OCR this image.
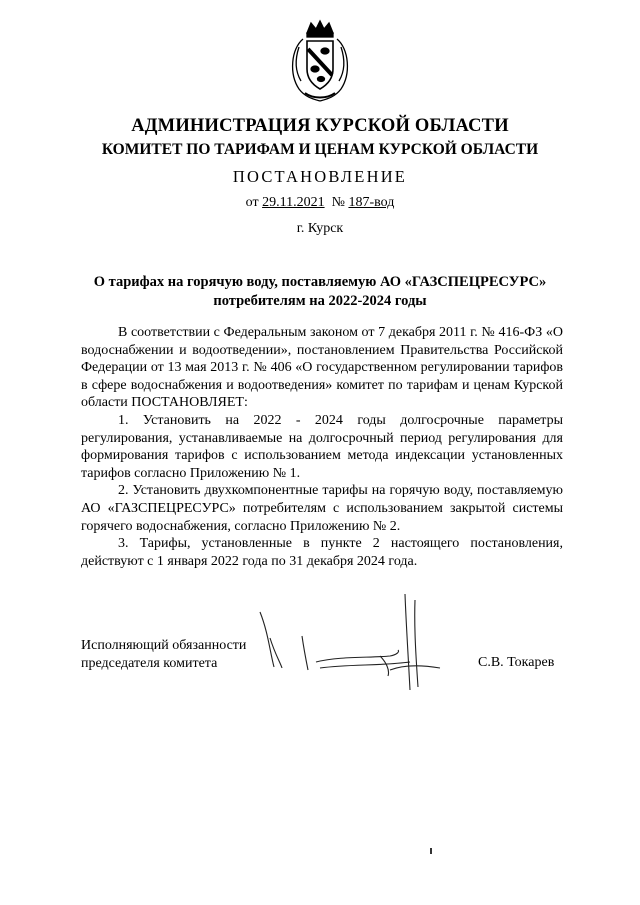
АДМИНИСТРАЦИЯ КУРСКОЙ ОБЛАСТИ
КОМИТЕТ ПО ТАРИФАМ И ЦЕНАМ КУРСКОЙ ОБЛАСТИ
ПОСТАНОВЛЕНИЕ
от 29.11.2021 № 187-вод
г. Курск
О тарифах на горячую воду, поставляемую АО «ГАЗСПЕЦРЕСУРС»
потребителям на 2022-2024 годы

В соответствии с Федеральным законом от 7 декабря 2011 г. № 416-ФЗ «О водоснабжении и водоотведении», постановлением Правительства Российской Федерации от 13 мая 2013 г. № 406 «О государственном регулировании тарифов в сфере водоснабжения и водоотведения» комитет по тарифам и ценам Курской области ПОСТАНОВЛЯЕТ:

1. Установить на 2022 - 2024 годы долгосрочные параметры регулирования, устанавливаемые на долгосрочный период регулирования для формирования тарифов с использованием метода индексации установленных тарифов согласно Приложению № 1.

2. Установить двухкомпонентные тарифы на горячую воду, поставляемую АО «ГАЗСПЕЦРЕСУРС» потребителям с использованием закрытой системы горячего водоснабжения, согласно Приложению № 2.

3. Тарифы, установленные в пункте 2 настоящего постановления, действуют с 1 января 2022 года по 31 декабря 2024 года.

Исполняющий обязанности
председателя комитета	С.В. Токарев
